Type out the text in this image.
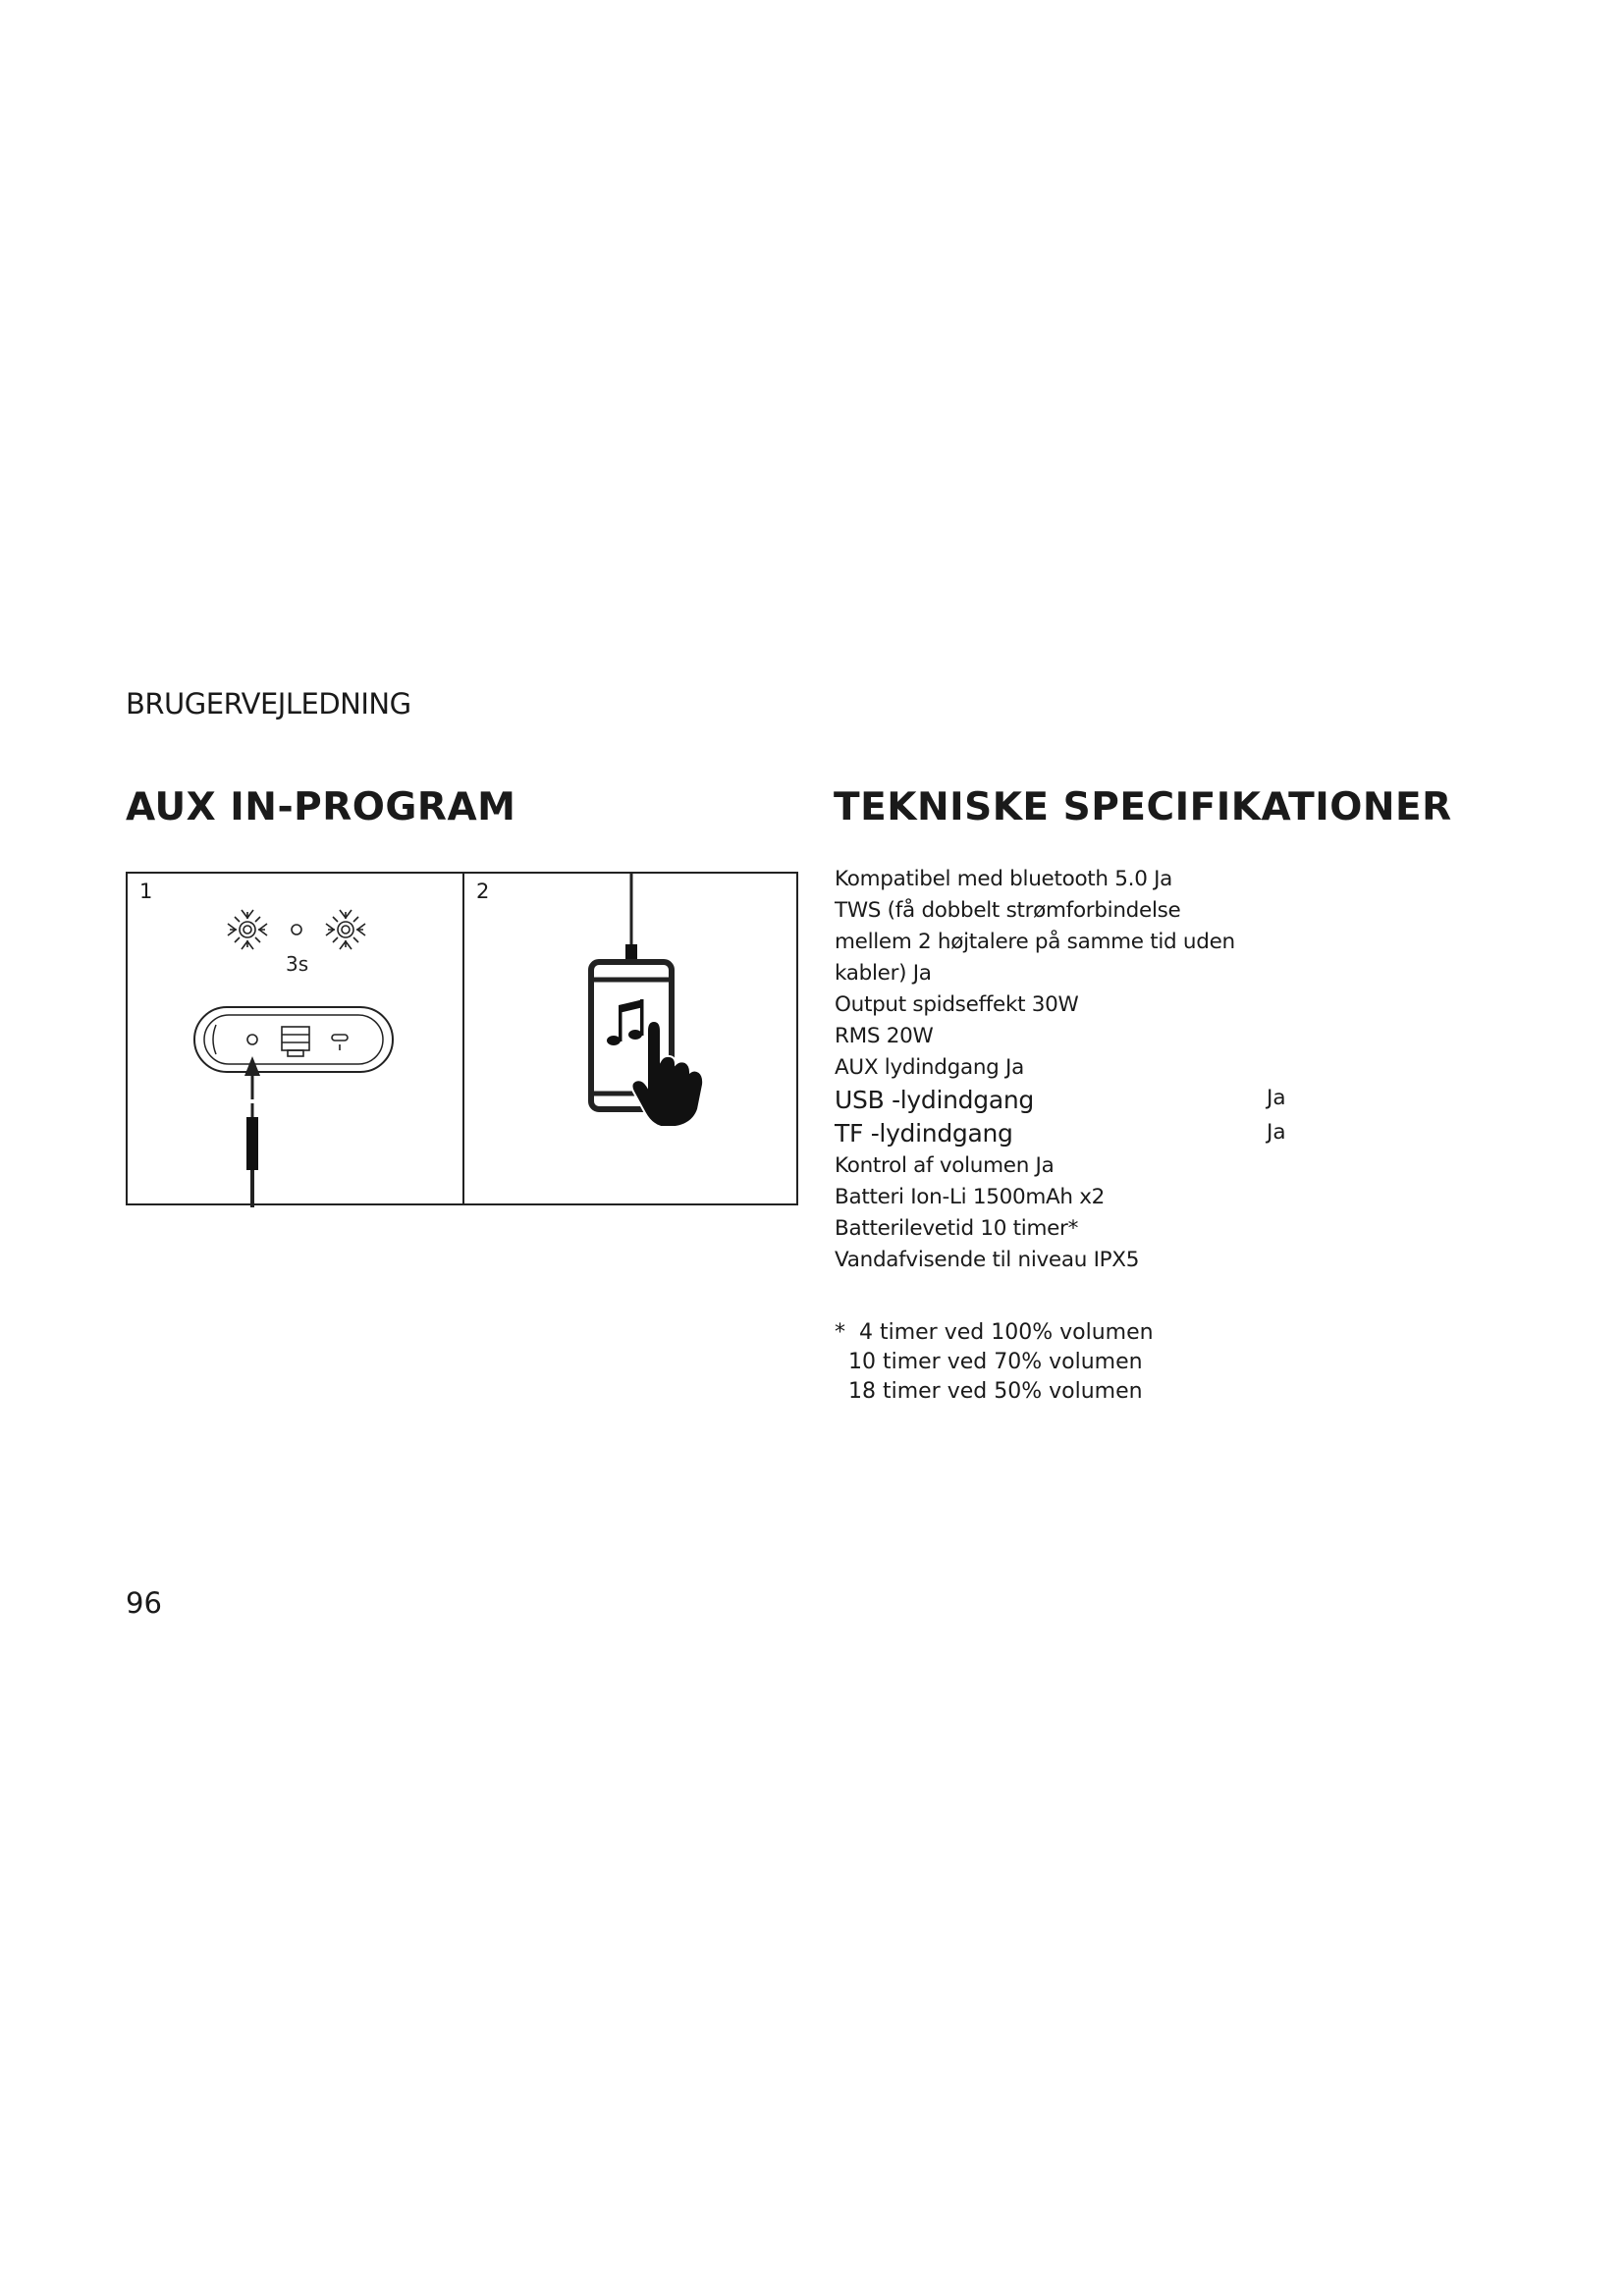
BRUGERVEJLEDNING
AUX IN-PROGRAM	TEKNISKE SPECIFIKATIONER
1
3s
2	Kompatibel med bluetooth 5.0 Ja
TWS (få dobbelt strømforbindelse
mellem 2 højtalere på samme tid uden
kabler) Ja
Output spidseffekt 30W
RMS 20W
AUX lydindgang Ja
USB -lydindgang
TF -lydindgang
Kontrol af volumen Ja
Batteri Ion-Li 1500mAh x2
Batterilevetid 10 timer*
Vandafvisende til niveau IPX5
Ja
Ja
*  4 timer ved 100% volumen
10 timer ved 70% volumen
18 timer ved 50% volumen
96
